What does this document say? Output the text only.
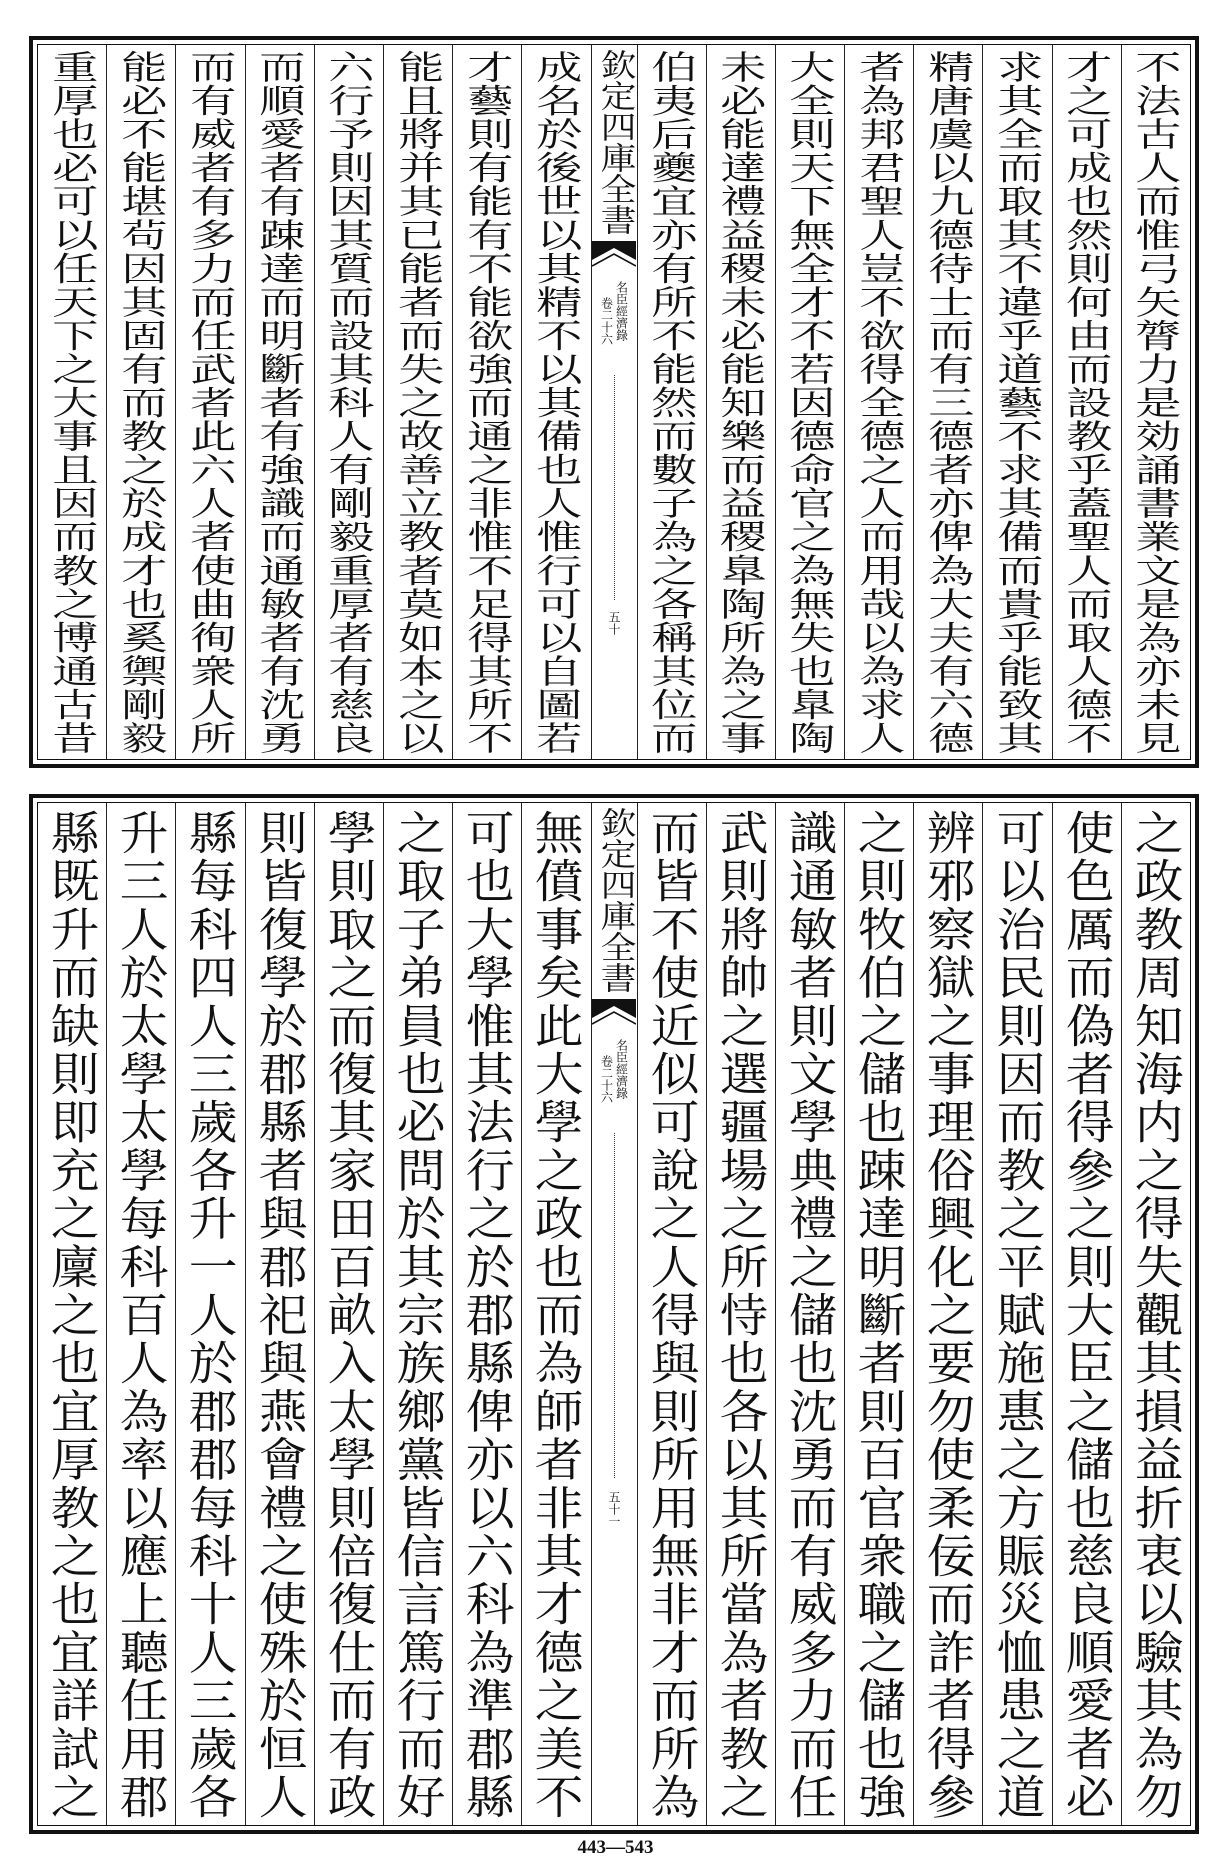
不法古人而惟弓矢膂力是効誦書業文是為亦未見
才之可成也然則何由而設教乎蓋聖人而取人德不
求其全而取其不違乎道藝不求其備而貴乎能致其
精唐虞以九德待士而有三德者亦俾為大夫有六德
者為邦君聖人豈不欲得全德之人而用哉以為求人
大全則天下無全才不若因德命官之為無失也臯陶
未必能達禮益稷未必能知樂而益稷臯陶所為之事
伯夷后夔宜亦有所不能然而數子為之各稱其位而
欽定四庫全書
名臣經濟錄
卷二十六
五十
成名於後世以其精不以其備也人惟行可以自圖若
才藝則有能有不能欲強而通之非惟不足得其所不
能且將并其已能者而失之故善立教者莫如本之以
六行予則因其質而設其科人有剛毅重厚者有慈良
而順愛者有踈達而明斷者有強識而通敏者有沈勇
而有威者有多力而任武者此六人者使曲徇衆人所
能必不能堪茍因其固有而教之於成才也奚禦剛毅
重厚也必可以任天下之大事且因而教之博通古昔
之政教周知海内之得失觀其損益折衷以驗其為勿
使色厲而偽者得參之則大臣之儲也慈良順愛者必
可以治民則因而教之平賦施惠之方賑災恤患之道
辨邪察獄之事理俗興化之要勿使柔佞而詐者得參
之則牧伯之儲也踈達明斷者則百官衆職之儲也強
識通敏者則文學典禮之儲也沈勇而有威多力而任
武則將帥之選疆場之所恃也各以其所當為者教之
而皆不使近似可說之人得與則所用無非才而所為
欽定四庫全書
名臣經濟錄
卷二十六
五十一
無僨事矣此大學之政也而為師者非其才德之美不
可也大學惟其法行之於郡縣俾亦以六科為準郡縣
之取子弟員也必問於其宗族鄉黨皆信言篤行而好
學則取之而復其家田百畝入太學則倍復仕而有政
則皆復學於郡縣者與郡祀與燕會禮之使殊於恒人
縣每科四人三歲各升一人於郡郡每科十人三歲各
升三人於太學太學每科百人為率以應上聽任用郡
縣既升而缺則即充之廩之也宜厚教之也宜詳試之
443—543
